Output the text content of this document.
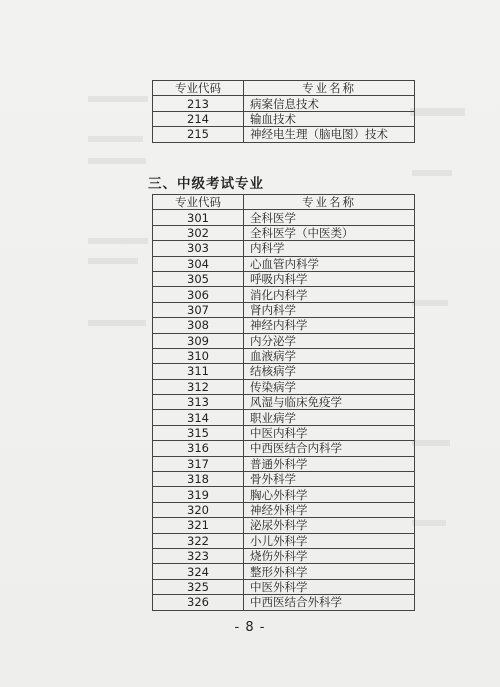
专业代码	专业名称
213	病案信息技术
214	输血技术
215	神经电生理（脑电图）技术
三、中级考试专业
专业代码	专业名称
301	全科医学
302	全科医学（中医类）
303	内科学
304	心血管内科学
305	呼吸内科学
306	消化内科学
307	肾内科学
308	神经内科学
309	内分泌学
310	血液病学
311	结核病学
312	传染病学
313	风湿与临床免疫学
314	职业病学
315	中医内科学
316	中西医结合内科学
317	普通外科学
318	骨外科学
319	胸心外科学
320	神经外科学
321	泌尿外科学
322	小儿外科学
323	烧伤外科学
324	整形外科学
325	中医外科学
326	中西医结合外科学
- 8 -
